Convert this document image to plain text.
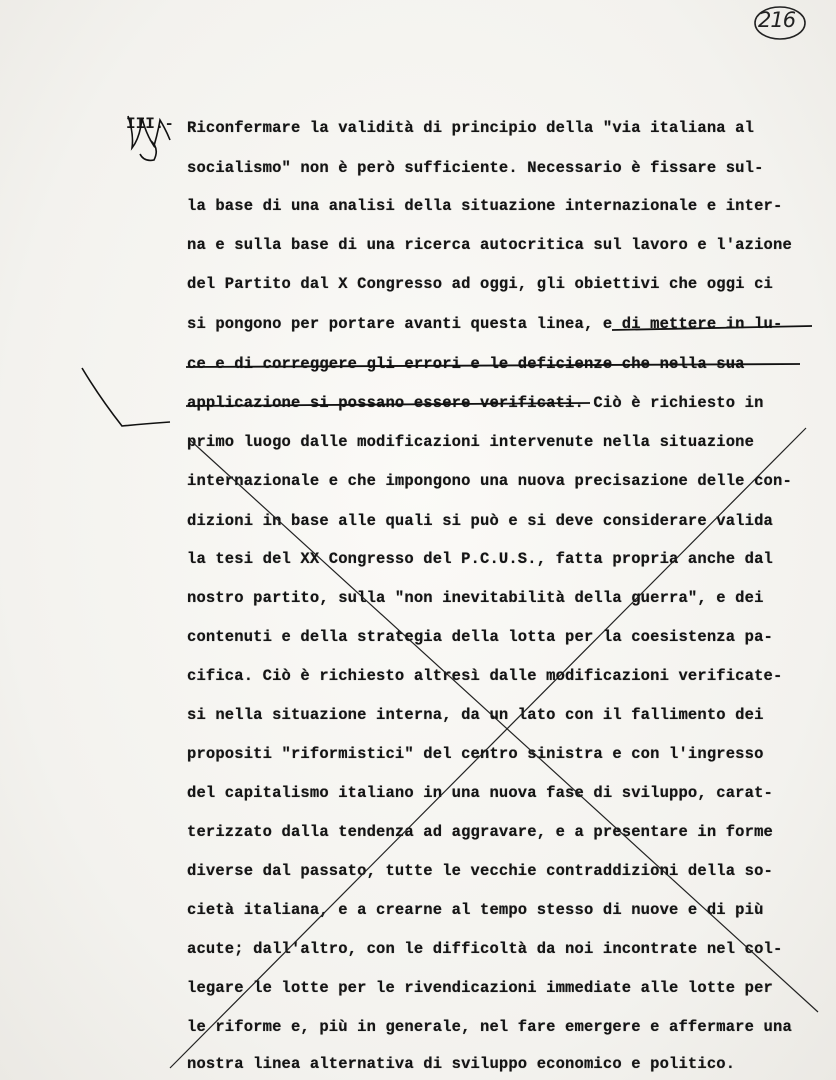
216
III.- Riconfermare la validità di principio della "via italiana al
socialismo" non è però sufficiente. Necessario è fissare sul-
la base di una analisi della situazione internazionale e inter-
na e sulla base di una ricerca autocritica sul lavoro e l'azione
del Partito dal X Congresso ad oggi, gli obiettivi che oggi ci
si pongono per portare avanti questa linea, e di mettere in lu-
ce e di correggere gli errori e le deficienze che nella sua
applicazione si possano essere verificati. Ciò è richiesto in
primo luogo dalle modificazioni intervenute nella situazione
internazionale e che impongono una nuova precisazione delle con-
dizioni in base alle quali si può e si deve considerare valida
la tesi del XX Congresso del P.C.U.S., fatta propria anche dal
nostro partito, sulla "non inevitabilità della guerra", e dei
contenuti e della strategia della lotta per la coesistenza pa-
cifica. Ciò è richiesto altresì dalle modificazioni verificate-
si nella situazione interna, da un lato con il fallimento dei
propositi "riformistici" del centro sinistra e con l'ingresso
del capitalismo italiano in una nuova fase di sviluppo, carat-
terizzato dalla tendenza ad aggravare, e a presentare in forme
diverse dal passato, tutte le vecchie contraddizioni della so-
cietà italiana, e a crearne al tempo stesso di nuove e di più
acute; dall'altro, con le difficoltà da noi incontrate nel col-
legare le lotte per le rivendicazioni immediate alle lotte per
le riforme e, più in generale, nel fare emergere e affermare una
nostra linea alternativa di sviluppo economico e politico.
